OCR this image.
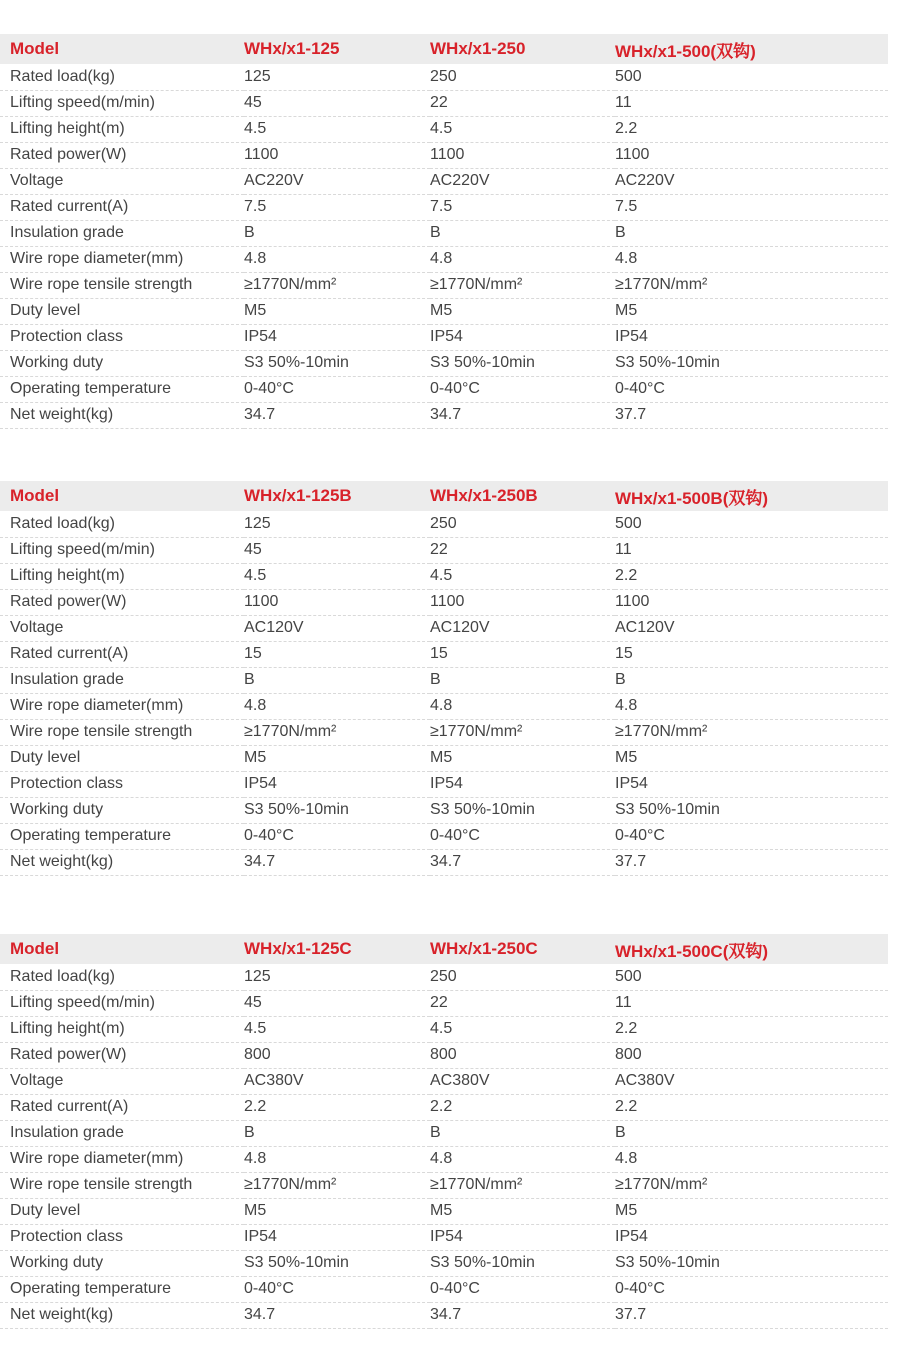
Model	WHx/x1-125	WHx/x1-250	WHx/x1-500(双钩)
Rated load(kg)	125	250	500
Lifting speed(m/min)	45	22	11
Lifting height(m)	4.5	4.5	2.2
Rated power(W)	1100	1100	1100
Voltage	AC220V	AC220V	AC220V
Rated current(A)	7.5	7.5	7.5
Insulation grade	B	B	B
Wire rope diameter(mm)	4.8	4.8	4.8
Wire rope tensile strength	≥1770N/mm²	≥1770N/mm²	≥1770N/mm²
Duty level	M5	M5	M5
Protection class	IP54	IP54	IP54
Working duty	S3 50%-10min	S3 50%-10min	S3 50%-10min
Operating temperature	0-40°C	0-40°C	0-40°C
Net weight(kg)	34.7	34.7	37.7
Model	WHx/x1-125B	WHx/x1-250B	WHx/x1-500B(双钩)
Rated load(kg)	125	250	500
Lifting speed(m/min)	45	22	11
Lifting height(m)	4.5	4.5	2.2
Rated power(W)	1100	1100	1100
Voltage	AC120V	AC120V	AC120V
Rated current(A)	15	15	15
Insulation grade	B	B	B
Wire rope diameter(mm)	4.8	4.8	4.8
Wire rope tensile strength	≥1770N/mm²	≥1770N/mm²	≥1770N/mm²
Duty level	M5	M5	M5
Protection class	IP54	IP54	IP54
Working duty	S3 50%-10min	S3 50%-10min	S3 50%-10min
Operating temperature	0-40°C	0-40°C	0-40°C
Net weight(kg)	34.7	34.7	37.7
Model	WHx/x1-125C	WHx/x1-250C	WHx/x1-500C(双钩)
Rated load(kg)	125	250	500
Lifting speed(m/min)	45	22	11
Lifting height(m)	4.5	4.5	2.2
Rated power(W)	800	800	800
Voltage	AC380V	AC380V	AC380V
Rated current(A)	2.2	2.2	2.2
Insulation grade	B	B	B
Wire rope diameter(mm)	4.8	4.8	4.8
Wire rope tensile strength	≥1770N/mm²	≥1770N/mm²	≥1770N/mm²
Duty level	M5	M5	M5
Protection class	IP54	IP54	IP54
Working duty	S3 50%-10min	S3 50%-10min	S3 50%-10min
Operating temperature	0-40°C	0-40°C	0-40°C
Net weight(kg)	34.7	34.7	37.7
